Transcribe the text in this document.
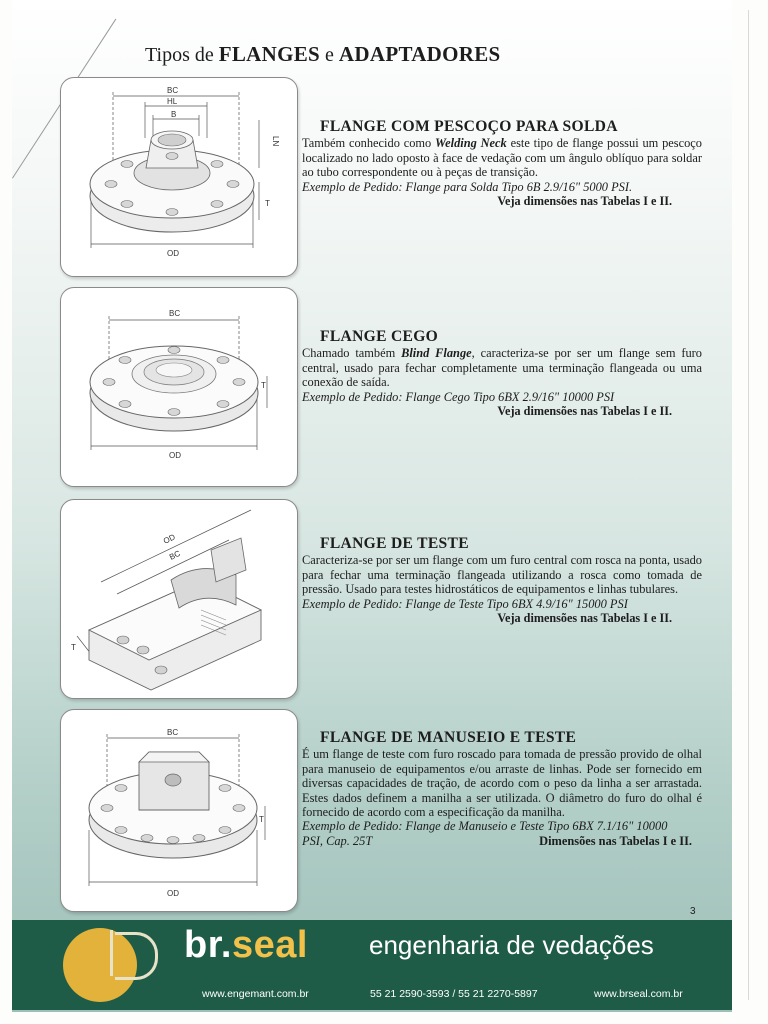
Tipos de FLANGES e ADAPTADORES
BC
HL
B
LN
T
OD
BC
T
OD
OD
BC
T
BC
T
OD
FLANGE COM PESCOÇO PARA SOLDA

Também conhecido como Welding Neck este tipo de flange possui um pescoço localizado no lado oposto à face de vedação com um ângulo oblíquo para soldar ao tubo correspondente ou à peças de transição.

Exemplo de Pedido: Flange para Solda Tipo 6B 2.9/16" 5000 PSI.

Veja dimensões nas Tabelas I e II.

FLANGE CEGO

Chamado também Blind Flange, caracteriza-se por ser um flange sem furo central, usado para fechar completamente uma terminação flangeada ou uma conexão de saída.

Exemplo de Pedido: Flange Cego Tipo 6BX 2.9/16" 10000 PSI

Veja dimensões nas Tabelas I e II.

FLANGE DE TESTE

Caracteriza-se por ser um flange com um furo central com rosca na ponta, usado para fechar uma terminação flangeada utilizando a rosca como tomada de pressão. Usado para testes hidrostáticos de equipamentos e linhas tubulares.

Exemplo de Pedido: Flange de Teste Tipo 6BX 4.9/16" 15000 PSI

Veja dimensões nas Tabelas I e II.

FLANGE DE MANUSEIO E TESTE

É um flange de teste com furo roscado para tomada de pressão provido de olhal para manuseio de equipamentos e/ou arraste de linhas. Pode ser fornecido em diversas capacidades de tração, de acordo com o peso da linha a ser arrastada. Estes dados definem a manilha a ser utilizada. O diâmetro do furo do olhal é fornecido de acordo com a especificação da manilha.

Exemplo de Pedido: Flange de Manuseio e Teste Tipo 6BX 7.1/16" 10000

PSI, Cap. 25T	Dimensões nas Tabelas I e II.

3
br.seal engenharia de vedações
www.engemant.com.br	55 21 2590-3593 / 55 21 2270-5897	www.brseal.com.br
